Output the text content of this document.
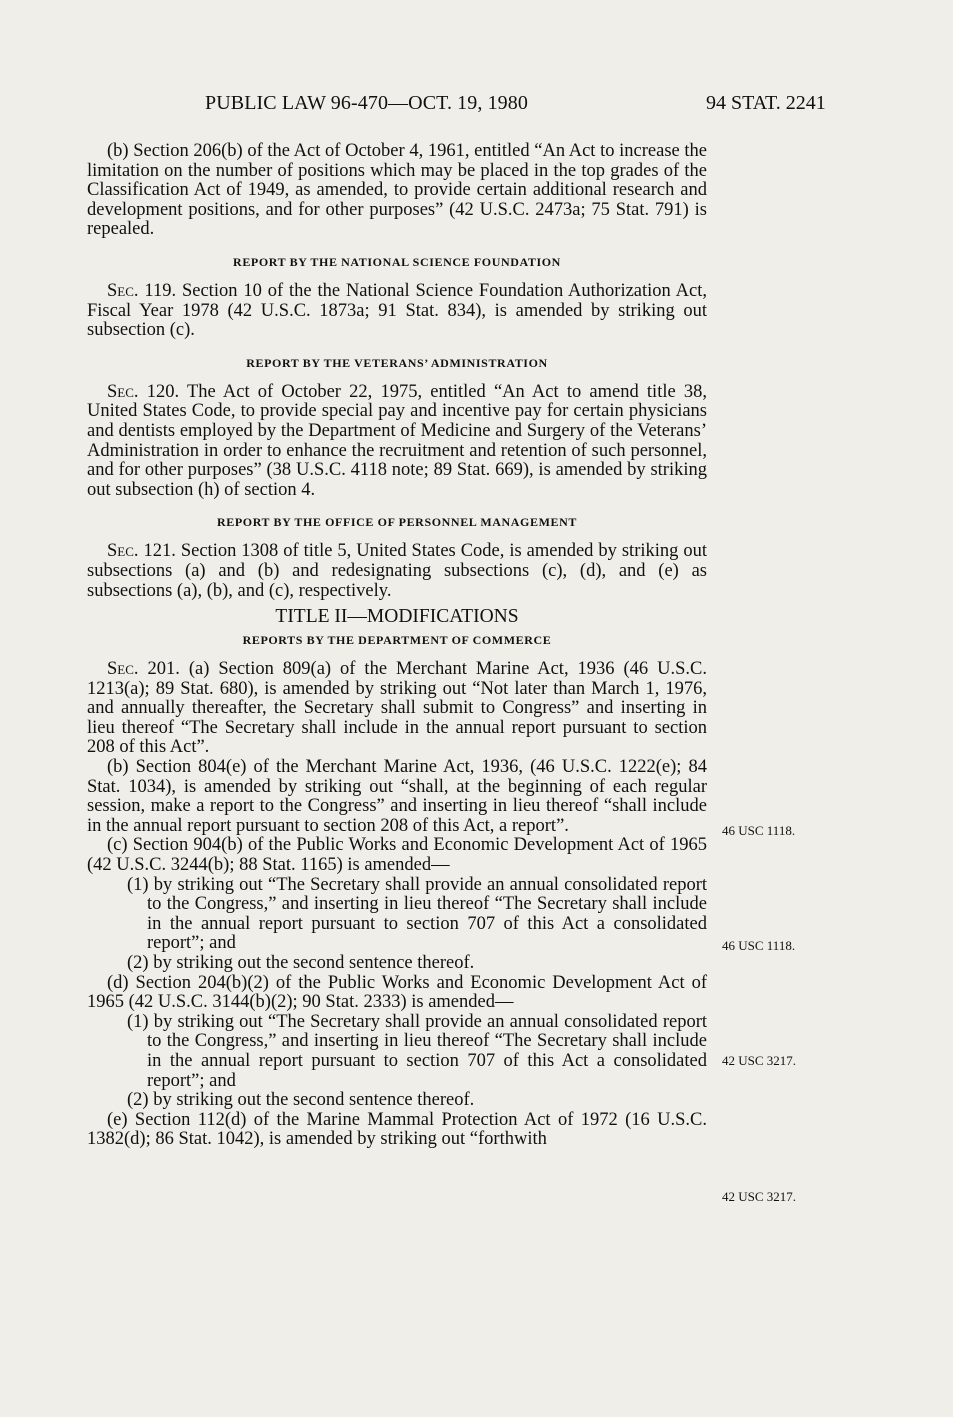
PUBLIC LAW 96-470—OCT. 19, 1980	94 STAT. 2241

(b) Section 206(b) of the Act of October 4, 1961, entitled “An Act to increase the limitation on the number of positions which may be placed in the top grades of the Classification Act of 1949, as amended, to provide certain additional research and development positions, and for other purposes” (42 U.S.C. 2473a; 75 Stat. 791) is repealed.

REPORT BY THE NATIONAL SCIENCE FOUNDATION

Sec. 119. Section 10 of the the National Science Foundation Authorization Act, Fiscal Year 1978 (42 U.S.C. 1873a; 91 Stat. 834), is amended by striking out subsection (c).

REPORT BY THE VETERANS’ ADMINISTRATION

Sec. 120. The Act of October 22, 1975, entitled “An Act to amend title 38, United States Code, to provide special pay and incentive pay for certain physicians and dentists employed by the Department of Medicine and Surgery of the Veterans’ Administration in order to enhance the recruitment and retention of such personnel, and for other purposes” (38 U.S.C. 4118 note; 89 Stat. 669), is amended by striking out subsection (h) of section 4.

REPORT BY THE OFFICE OF PERSONNEL MANAGEMENT

Sec. 121. Section 1308 of title 5, United States Code, is amended by striking out subsections (a) and (b) and redesignating subsections (c), (d), and (e) as subsections (a), (b), and (c), respectively.

TITLE II—MODIFICATIONS
REPORTS BY THE DEPARTMENT OF COMMERCE

Sec. 201. (a) Section 809(a) of the Merchant Marine Act, 1936 (46 U.S.C. 1213(a); 89 Stat. 680), is amended by striking out “Not later than March 1, 1976, and annually thereafter, the Secretary shall submit to Congress” and inserting in lieu thereof “The Secretary shall include in the annual report pursuant to section 208 of this Act”.

(b) Section 804(e) of the Merchant Marine Act, 1936, (46 U.S.C. 1222(e); 84 Stat. 1034), is amended by striking out “shall, at the beginning of each regular session, make a report to the Congress” and inserting in lieu thereof “shall include in the annual report pursuant to section 208 of this Act, a report”.

(c) Section 904(b) of the Public Works and Economic Development Act of 1965 (42 U.S.C. 3244(b); 88 Stat. 1165) is amended—

(1) by striking out “The Secretary shall provide an annual consolidated report to the Congress,” and inserting in lieu thereof “The Secretary shall include in the annual report pursuant to section 707 of this Act a consolidated report”; and

(2) by striking out the second sentence thereof.

(d) Section 204(b)(2) of the Public Works and Economic Development Act of 1965 (42 U.S.C. 3144(b)(2); 90 Stat. 2333) is amended—

(1) by striking out “The Secretary shall provide an annual consolidated report to the Congress,” and inserting in lieu thereof “The Secretary shall include in the annual report pursuant to section 707 of this Act a consolidated report”; and

(2) by striking out the second sentence thereof.

(e) Section 112(d) of the Marine Mammal Protection Act of 1972 (16 U.S.C. 1382(d); 86 Stat. 1042), is amended by striking out “forthwith

46 USC 1118.
46 USC 1118.
42 USC 3217.
42 USC 3217.
